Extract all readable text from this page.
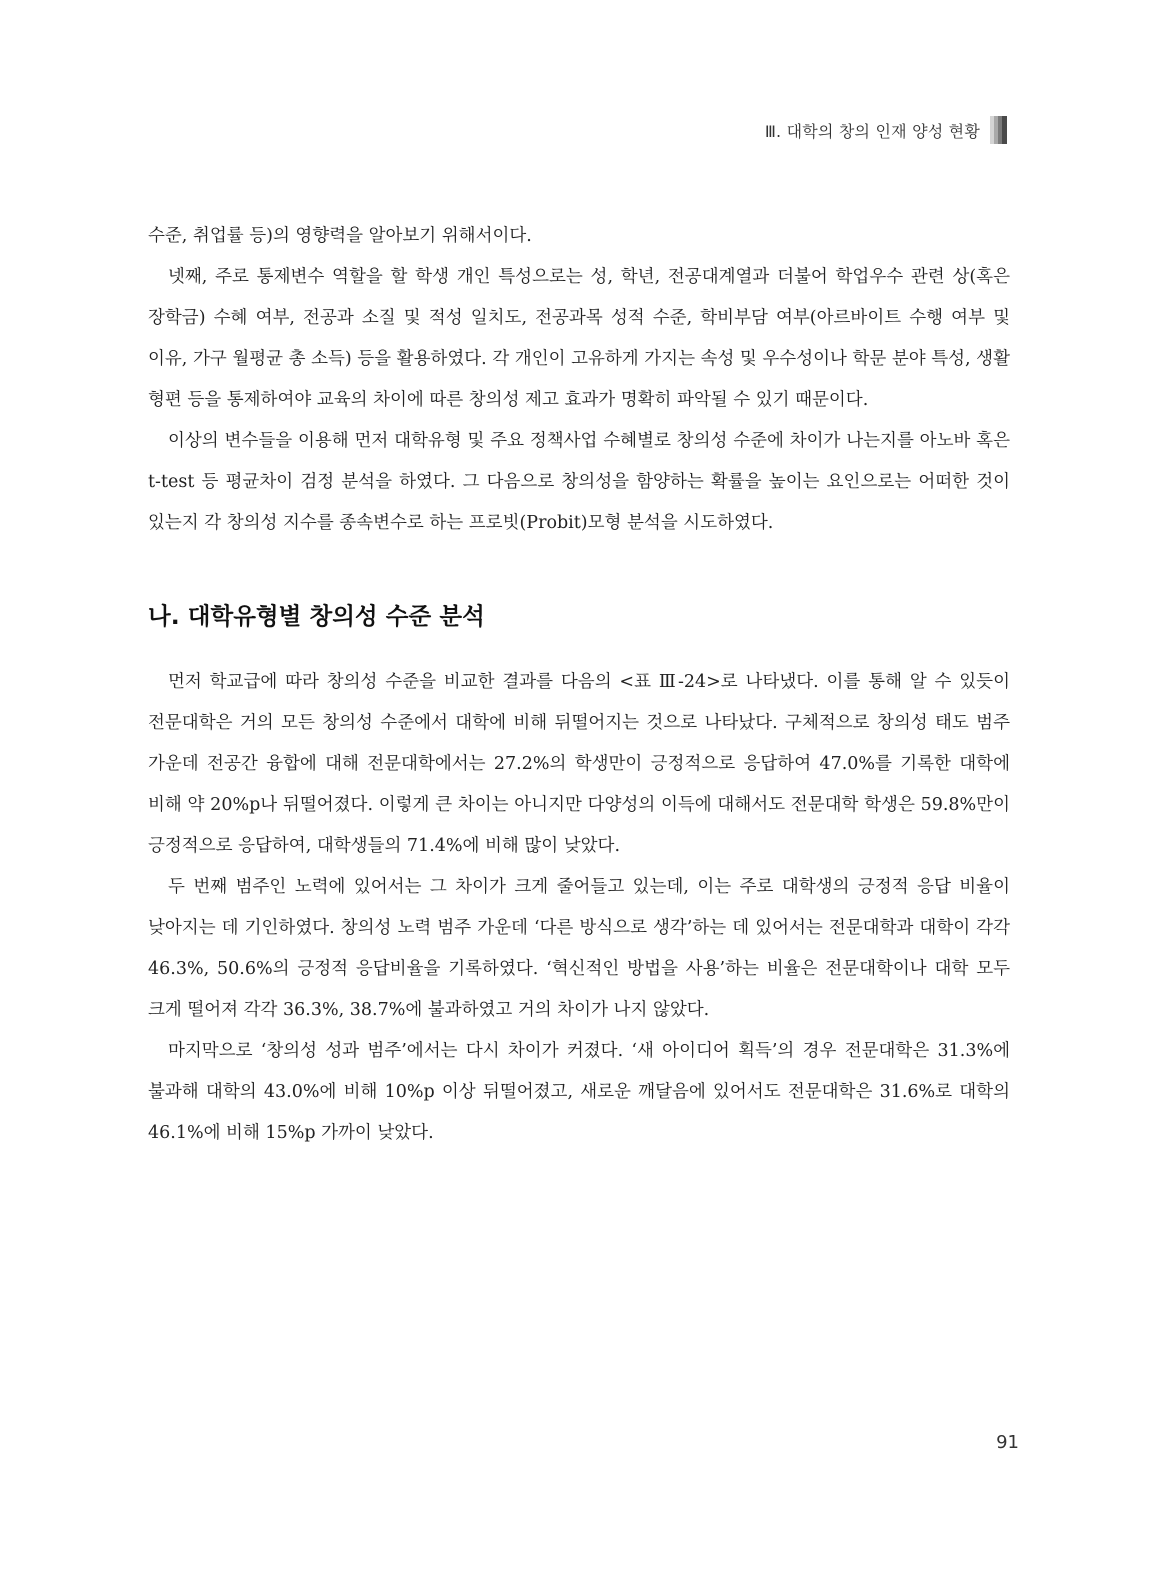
Ⅲ. 대학의 창의 인재 양성 현황

수준, 취업률 등)의 영향력을 알아보기 위해서이다.

넷째, 주로 통제변수 역할을 할 학생 개인 특성으로는 성, 학년, 전공대계열과 더불어 학업우수 관련 상(혹은 장학금) 수혜 여부, 전공과 소질 및 적성 일치도, 전공과목 성적 수준, 학비부담 여부(아르바이트 수행 여부 및 이유, 가구 월평균 총 소득) 등을 활용하였다. 각 개인이 고유하게 가지는 속성 및 우수성이나 학문 분야 특성, 생활 형편 등을 통제하여야 교육의 차이에 따른 창의성 제고 효과가 명확히 파악될 수 있기 때문이다.

이상의 변수들을 이용해 먼저 대학유형 및 주요 정책사업 수혜별로 창의성 수준에 차이가 나는지를 아노바 혹은 t-test 등 평균차이 검정 분석을 하였다. 그 다음으로 창의성을 함양하는 확률을 높이는 요인으로는 어떠한 것이 있는지 각 창의성 지수를 종속변수로 하는 프로빗(Probit)모형 분석을 시도하였다.

나. 대학유형별 창의성 수준 분석

먼저 학교급에 따라 창의성 수준을 비교한 결과를 다음의 <표 Ⅲ-24>로 나타냈다. 이를 통해 알 수 있듯이 전문대학은 거의 모든 창의성 수준에서 대학에 비해 뒤떨어지는 것으로 나타났다. 구체적으로 창의성 태도 범주 가운데 전공간 융합에 대해 전문대학에서는 27.2%의 학생만이 긍정적으로 응답하여 47.0%를 기록한 대학에 비해 약 20%p나 뒤떨어졌다. 이렇게 큰 차이는 아니지만 다양성의 이득에 대해서도 전문대학 학생은 59.8%만이 긍정적으로 응답하여, 대학생들의 71.4%에 비해 많이 낮았다.

두 번째 범주인 노력에 있어서는 그 차이가 크게 줄어들고 있는데, 이는 주로 대학생의 긍정적 응답 비율이 낮아지는 데 기인하였다. 창의성 노력 범주 가운데 ‘다른 방식으로 생각’하는 데 있어서는 전문대학과 대학이 각각 46.3%, 50.6%의 긍정적 응답비율을 기록하였다. ‘혁신적인 방법을 사용’하는 비율은 전문대학이나 대학 모두 크게 떨어져 각각 36.3%, 38.7%에 불과하였고 거의 차이가 나지 않았다.

마지막으로 ‘창의성 성과 범주’에서는 다시 차이가 커졌다. ‘새 아이디어 획득’의 경우 전문대학은 31.3%에 불과해 대학의 43.0%에 비해 10%p 이상 뒤떨어졌고, 새로운 깨달음에 있어서도 전문대학은 31.6%로 대학의 46.1%에 비해 15%p 가까이 낮았다.

91
